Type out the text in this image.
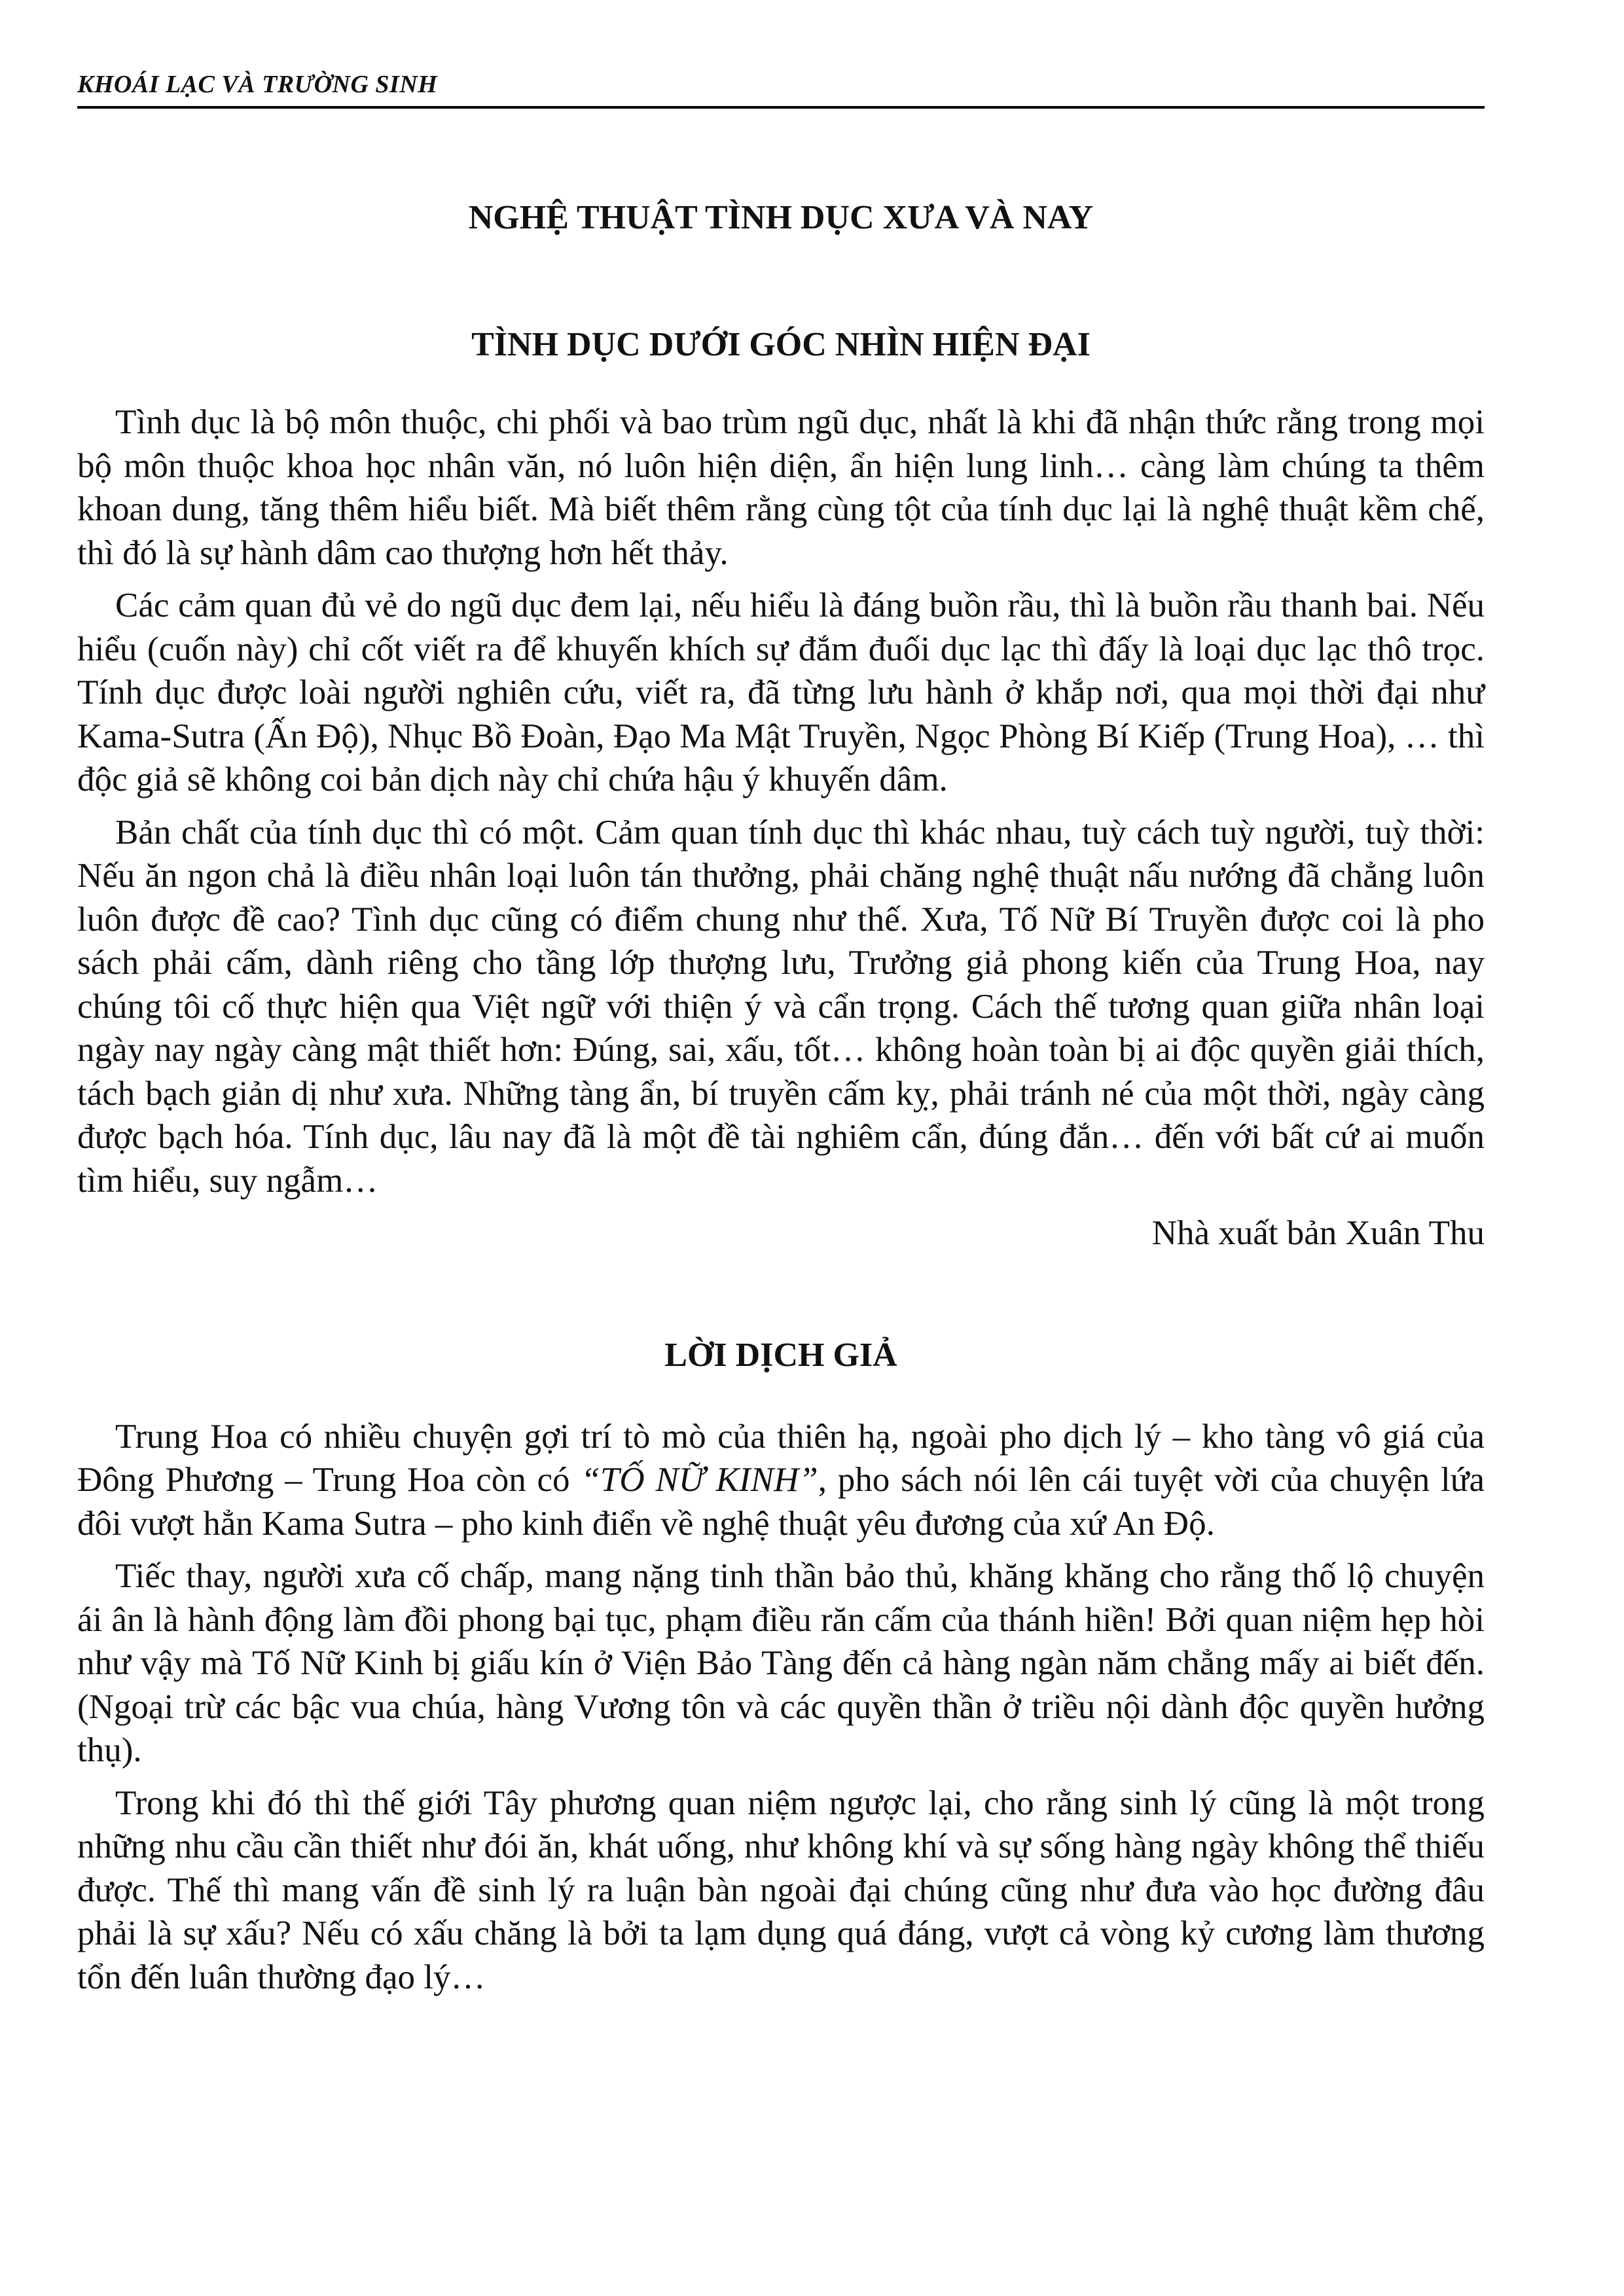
KHOÁI LẠC VÀ TRƯỜNG SINH
NGHỆ THUẬT TÌNH DỤC XƯA VÀ NAY
TÌNH DỤC DƯỚI GÓC NHÌN HIỆN ĐẠI

Tình dục là bộ môn thuộc, chi phối và bao trùm ngũ dục, nhất là khi đã nhận thức rằng trong mọi bộ môn thuộc khoa học nhân văn, nó luôn hiện diện, ẩn hiện lung linh… càng làm chúng ta thêm khoan dung, tăng thêm hiểu biết. Mà biết thêm rằng cùng tột của tính dục lại là nghệ thuật kềm chế, thì đó là sự hành dâm cao thượng hơn hết thảy.

Các cảm quan đủ vẻ do ngũ dục đem lại, nếu hiểu là đáng buồn rầu, thì là buồn rầu thanh bai. Nếu hiểu (cuốn này) chỉ cốt viết ra để khuyến khích sự đắm đuối dục lạc thì đấy là loại dục lạc thô trọc. Tính dục được loài người nghiên cứu, viết ra, đã từng lưu hành ở khắp nơi, qua mọi thời đại như Kama-Sutra (Ấn Độ), Nhục Bồ Đoàn, Đạo Ma Mật Truyền, Ngọc Phòng Bí Kiếp (Trung Hoa), … thì độc giả sẽ không coi bản dịch này chỉ chứa hậu ý khuyến dâm.

Bản chất của tính dục thì có một. Cảm quan tính dục thì khác nhau, tuỳ cách tuỳ người, tuỳ thời: Nếu ăn ngon chả là điều nhân loại luôn tán thưởng, phải chăng nghệ thuật nấu nướng đã chẳng luôn luôn được đề cao? Tình dục cũng có điểm chung như thế. Xưa, Tố Nữ Bí Truyền được coi là pho sách phải cấm, dành riêng cho tầng lớp thượng lưu, Trưởng giả phong kiến của Trung Hoa, nay chúng tôi cố thực hiện qua Việt ngữ với thiện ý và cẩn trọng. Cách thế tương quan giữa nhân loại ngày nay ngày càng mật thiết hơn: Đúng, sai, xấu, tốt… không hoàn toàn bị ai độc quyền giải thích, tách bạch giản dị như xưa. Những tàng ẩn, bí truyền cấm kỵ, phải tránh né của một thời, ngày càng được bạch hóa. Tính dục, lâu nay đã là một đề tài nghiêm cẩn, đúng đắn… đến với bất cứ ai muốn tìm hiểu, suy ngẫm…

Nhà xuất bản Xuân Thu

LỜI DỊCH GIẢ

Trung Hoa có nhiều chuyện gợi trí tò mò của thiên hạ, ngoài pho dịch lý – kho tàng vô giá của Đông Phương – Trung Hoa còn có “TỐ NỮ KINH”, pho sách nói lên cái tuyệt vời của chuyện lứa đôi vượt hẳn Kama Sutra – pho kinh điển về nghệ thuật yêu đương của xứ An Độ.

Tiếc thay, người xưa cố chấp, mang nặng tinh thần bảo thủ, khăng khăng cho rằng thố lộ chuyện ái ân là hành động làm đồi phong bại tục, phạm điều răn cấm của thánh hiền! Bởi quan niệm hẹp hòi như vậy mà Tố Nữ Kinh bị giấu kín ở Viện Bảo Tàng đến cả hàng ngàn năm chẳng mấy ai biết đến. (Ngoại trừ các bậc vua chúa, hàng Vương tôn và các quyền thần ở triều nội dành độc quyền hưởng thụ).

Trong khi đó thì thế giới Tây phương quan niệm ngược lại, cho rằng sinh lý cũng là một trong những nhu cầu cần thiết như đói ăn, khát uống, như không khí và sự sống hàng ngày không thể thiếu được. Thế thì mang vấn đề sinh lý ra luận bàn ngoài đại chúng cũng như đưa vào học đường đâu phải là sự xấu? Nếu có xấu chăng là bởi ta lạm dụng quá đáng, vượt cả vòng kỷ cương làm thương tổn đến luân thường đạo lý…
